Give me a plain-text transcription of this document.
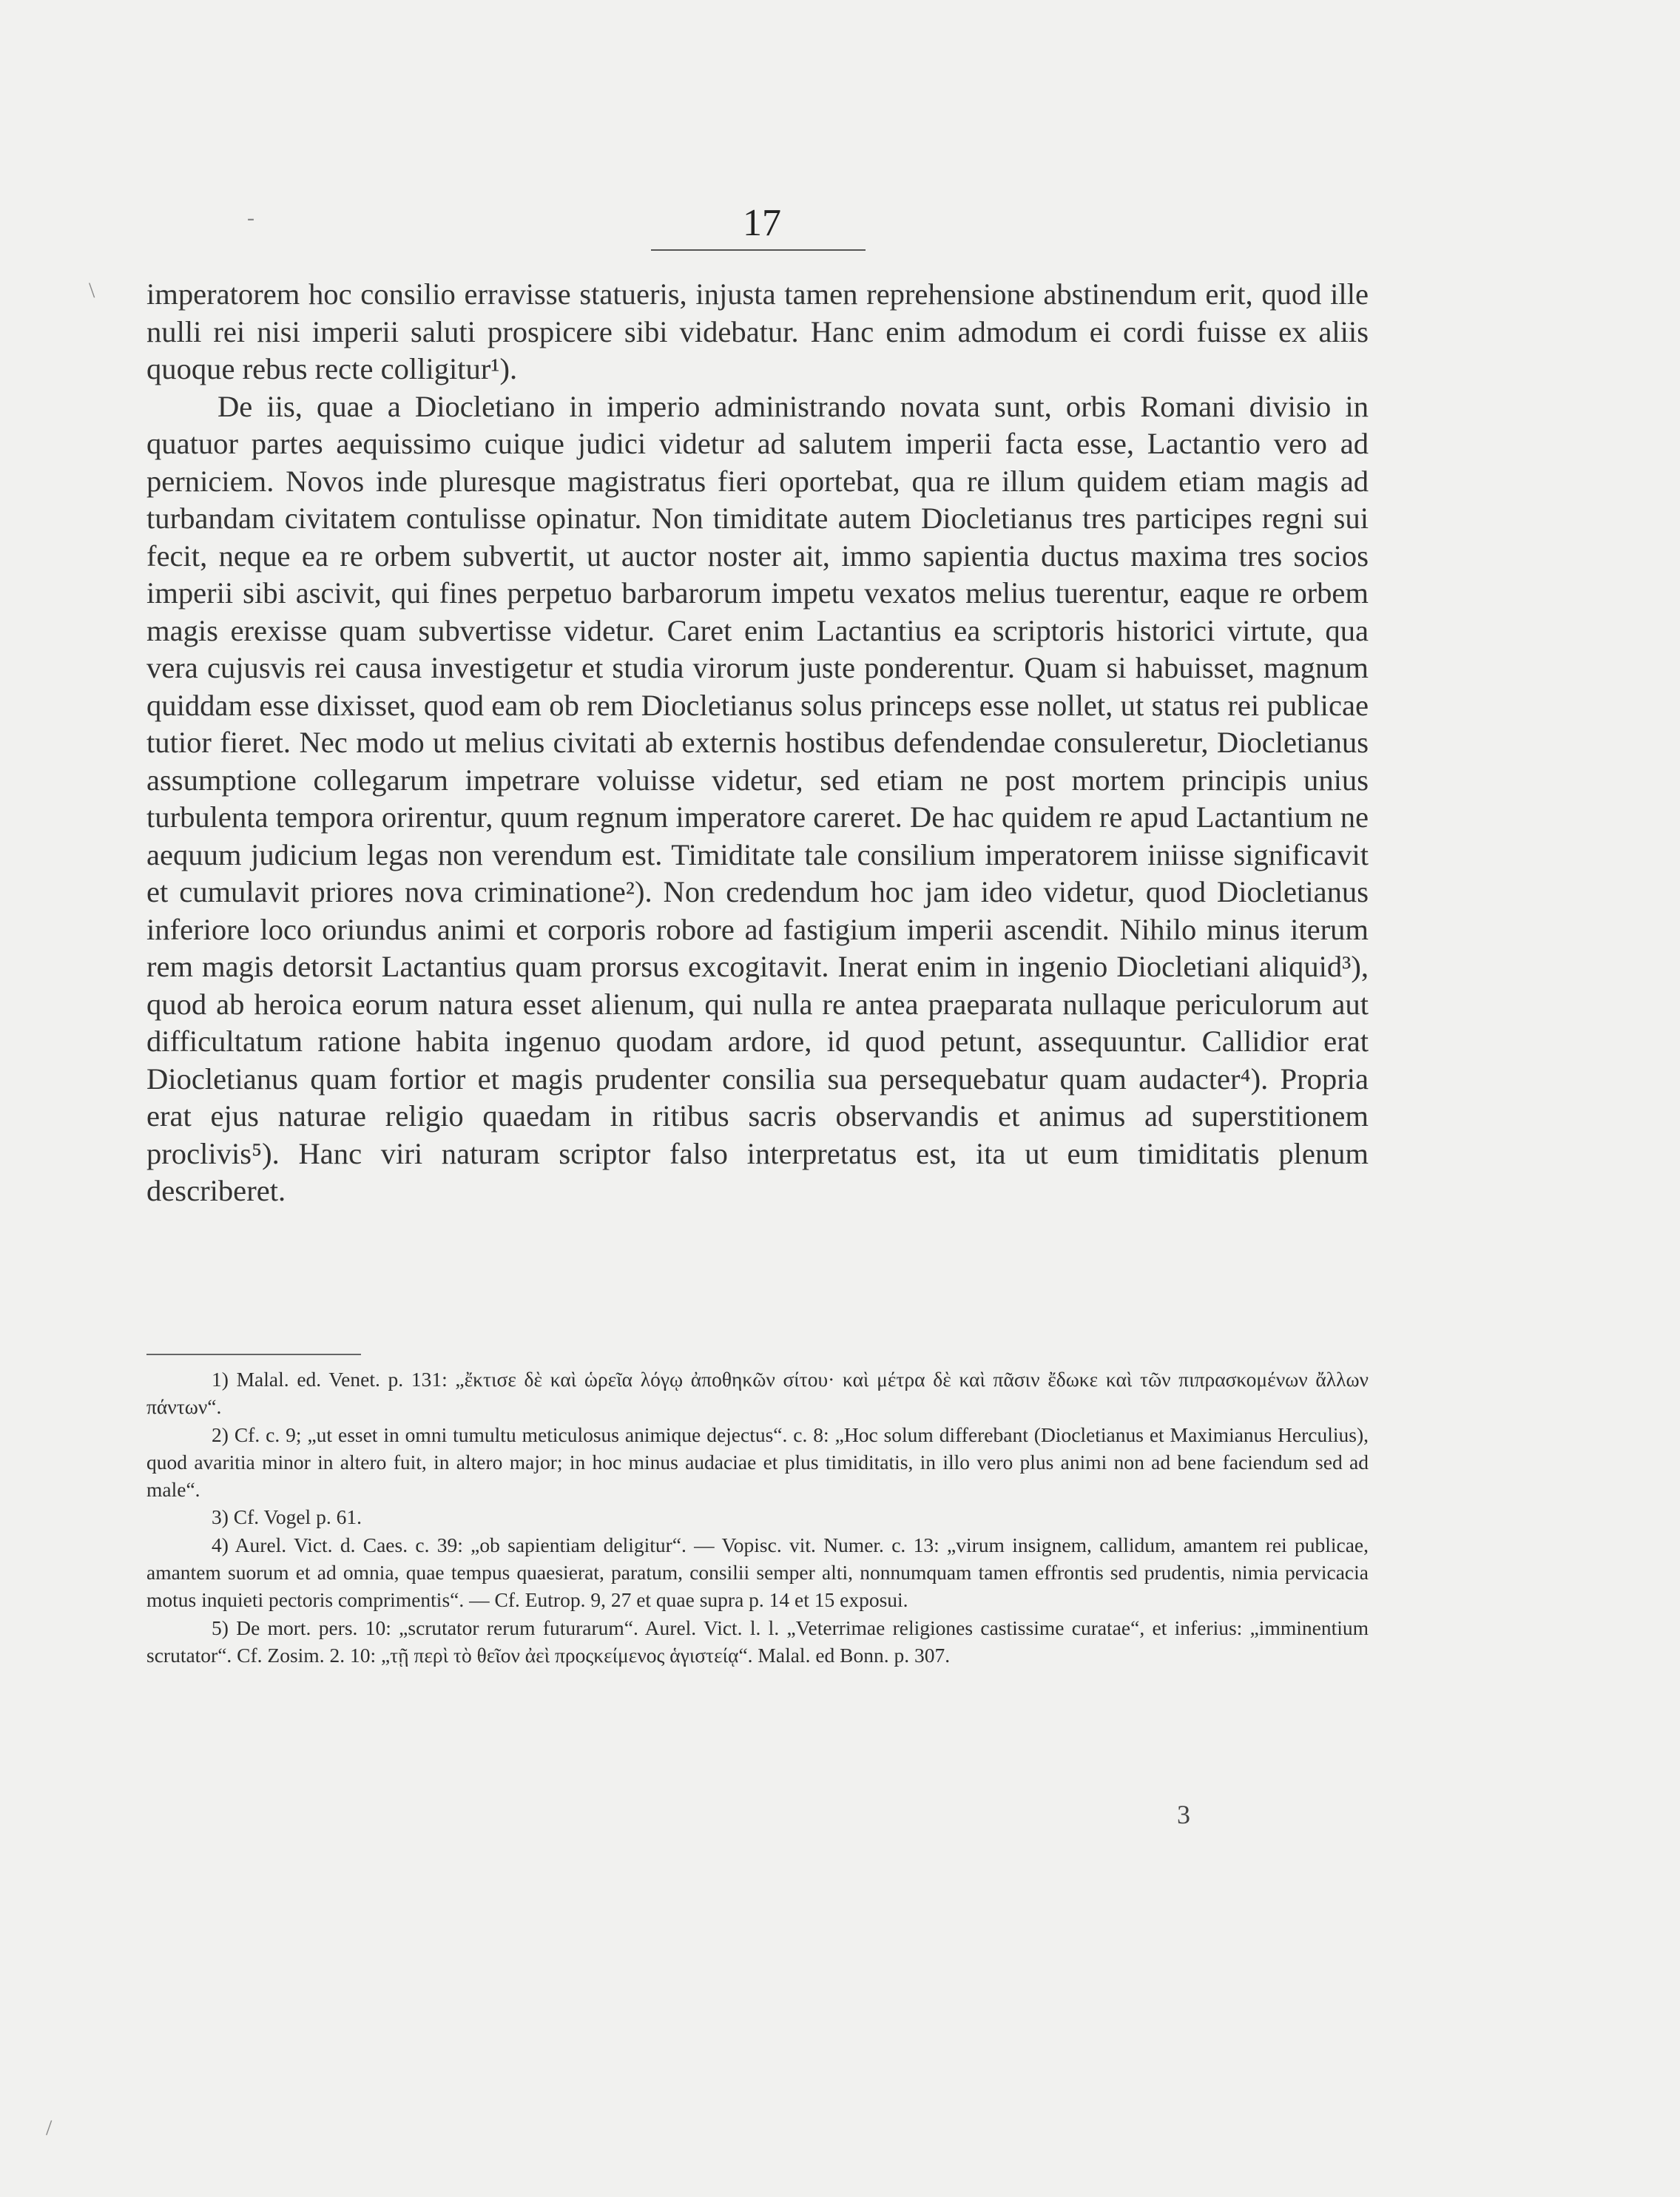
-
\
/
17

imperatorem hoc consilio erravisse statueris, injusta tamen reprehensione abstinendum erit, quod ille nulli rei nisi imperii saluti prospicere sibi videbatur. Hanc enim admodum ei cordi fuisse ex aliis quoque rebus recte colligitur¹).

De iis, quae a Diocletiano in imperio administrando novata sunt, orbis Romani divisio in quatuor partes aequissimo cuique judici videtur ad salutem imperii facta esse, Lactantio vero ad perniciem. Novos inde pluresque magistratus fieri oportebat, qua re illum quidem etiam magis ad turbandam civitatem contulisse opinatur. Non timiditate autem Diocletianus tres participes regni sui fecit, neque ea re orbem subvertit, ut auctor noster ait, immo sapientia ductus maxima tres socios imperii sibi ascivit, qui fines perpetuo barbarorum impetu vexatos melius tuerentur, eaque re orbem magis erexisse quam subvertisse videtur. Caret enim Lactantius ea scriptoris historici virtute, qua vera cujusvis rei causa investigetur et studia virorum juste ponderentur. Quam si habuisset, magnum quiddam esse dixisset, quod eam ob rem Diocletianus solus princeps esse nollet, ut status rei publicae tutior fieret. Nec modo ut melius civitati ab externis hostibus defendendae consuleretur, Diocletianus assumptione collegarum impetrare voluisse videtur, sed etiam ne post mortem principis unius turbulenta tempora orirentur, quum regnum imperatore careret. De hac quidem re apud Lactantium ne aequum judicium legas non verendum est. Timiditate tale consilium imperatorem iniisse significavit et cumulavit priores nova criminatione²). Non credendum hoc jam ideo videtur, quod Diocletianus inferiore loco oriundus animi et corporis robore ad fastigium imperii ascendit. Nihilo minus iterum rem magis detorsit Lactantius quam prorsus excogitavit. Inerat enim in ingenio Diocletiani aliquid³), quod ab heroica eorum natura esset alienum, qui nulla re antea praeparata nullaque periculorum aut difficultatum ratione habita ingenuo quodam ardore, id quod petunt, assequuntur. Callidior erat Diocletianus quam fortior et magis prudenter consilia sua persequebatur quam audacter⁴). Propria erat ejus naturae religio quaedam in ritibus sacris observandis et animus ad superstitionem proclivis⁵). Hanc viri naturam scriptor falso interpretatus est, ita ut eum timiditatis plenum describeret.

1) Malal. ed. Venet. p. 131: „ἔκτισε δὲ καὶ ὡρεῖα λόγῳ ἀποθηκῶν σίτου· καὶ μέτρα δὲ καὶ πᾶσιν ἔδωκε καὶ τῶν πιπρασκομένων ἄλλων πάντων“.

2) Cf. c. 9; „ut esset in omni tumultu meticulosus animique dejectus“. c. 8: „Hoc solum differebant (Diocletianus et Maximianus Herculius), quod avaritia minor in altero fuit, in altero major; in hoc minus audaciae et plus timiditatis, in illo vero plus animi non ad bene faciendum sed ad male“.

3) Cf. Vogel p. 61.

4) Aurel. Vict. d. Caes. c. 39: „ob sapientiam deligitur“. — Vopisc. vit. Numer. c. 13: „virum insignem, callidum, amantem rei publicae, amantem suorum et ad omnia, quae tempus quaesierat, paratum, consilii semper alti, nonnumquam tamen effrontis sed prudentis, nimia pervicacia motus inquieti pectoris comprimentis“. — Cf. Eutrop. 9, 27 et quae supra p. 14 et 15 exposui.

5) De mort. pers. 10: „scrutator rerum futurarum“. Aurel. Vict. l. l. „Veterrimae religiones castissime curatae“, et inferius: „imminentium scrutator“. Cf. Zosim. 2. 10: „τῇ περὶ τὸ θεῖον ἀεὶ προςκείμενος ἁγιστείᾳ“. Malal. ed Bonn. p. 307.

3
